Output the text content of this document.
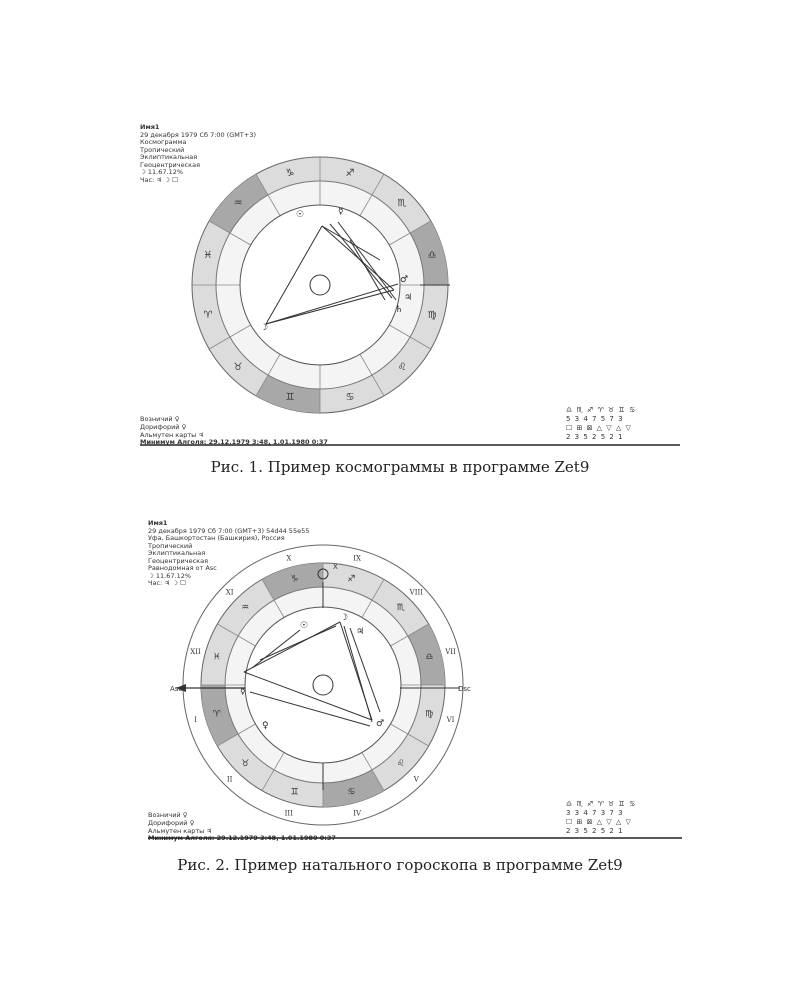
Имя1
29 декабря 1979 Сб 7:00 (GMT+3)
Космограмма
Тропический
Эклиптикальная
Геоцентрическая
☽ 11.67.12%
Час: ♃ ☽ ☐
♈
♉
♊	♋
♌
♍
♎
♏
♐
♑
♒
♓
☉	☿
☽
♂
♃
♄
Возничий ♀
Дорифорий ♀
Альмутен карты ♃
Минимум Алголя: 29.12.1979 3:48, 1.01.1980 0:37
♎ ♏ ♐ ♈ ♉ ♊ ♋
5 3 4 7 5 7 3
☐ ⊞ ⊠ △ ▽ △ ▽
2 3 5 2 5 2 1
Рис. 1. Пример космограммы в программе Zet9
Имя1
29 декабря 1979 Сб 7:00 (GMT+3) 54d44 55e55
Уфа, Башкортостан (Башкирия), Россия
Тропический
Эклиптикальная
Геоцентрическая
Равнодомная от Asc
☽ 11.67.12%
Час: ♃ ☽ ☐
X
Asc	Dsc
♈
♉
♊	♋
♌
♍
♎
♏
♐
♑
♒
♓
I
II
III	IV
V
VI
VII
VIII
IX
X
XI
XII
☉
☽
☿
♀	♂
♃
Возничий ♀
Дорифорий ♀
Альмутен карты ♃
Минимум Алголя: 29.12.1979 3:48, 1.01.1980 0:37
♎ ♏ ♐ ♈ ♉ ♊ ♋
3 3 4 7 3 7 3
☐ ⊞ ⊠ △ ▽ △ ▽
2 3 5 2 5 2 1
Рис. 2. Пример натального гороскопа в программе Zet9
